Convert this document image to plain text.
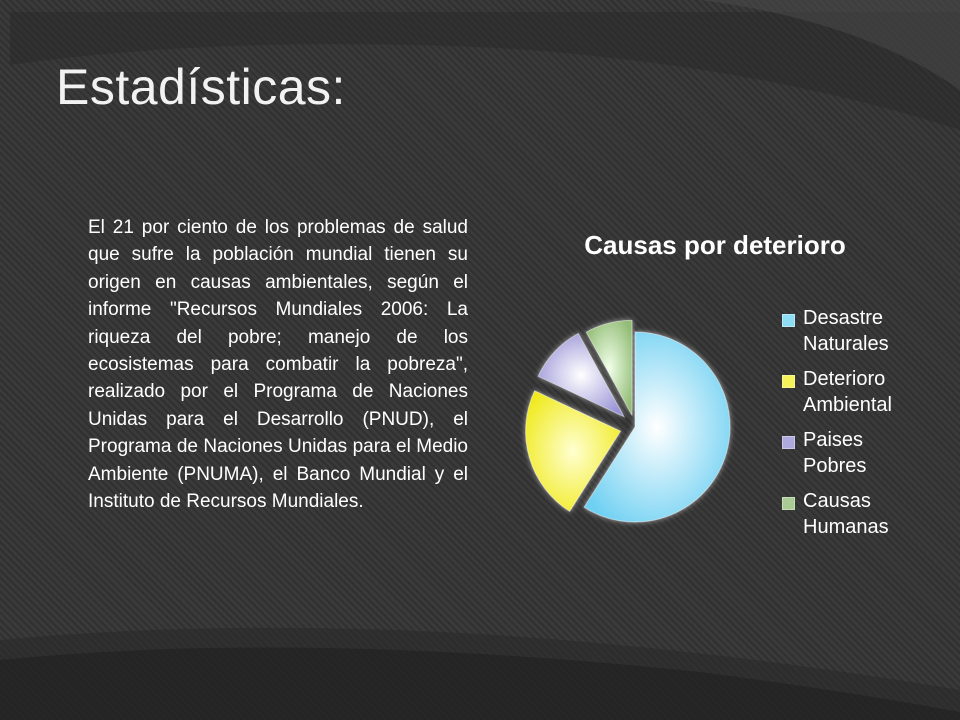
Estadísticas:

El 21 por ciento de los problemas de salud que sufre la población mundial tienen su origen en causas ambientales, según el informe "Recursos Mundiales 2006: La riqueza del pobre; manejo de los ecosistemas para combatir la pobreza", realizado por el Programa de Naciones Unidas para el Desarrollo (PNUD), el Programa de Naciones Unidas para el Medio Ambiente (PNUMA), el Banco Mundial y el Instituto de Recursos Mundiales.

Causas por deterioro
Desastre Naturales
Deterioro Ambiental
Paises Pobres
Causas Humanas
